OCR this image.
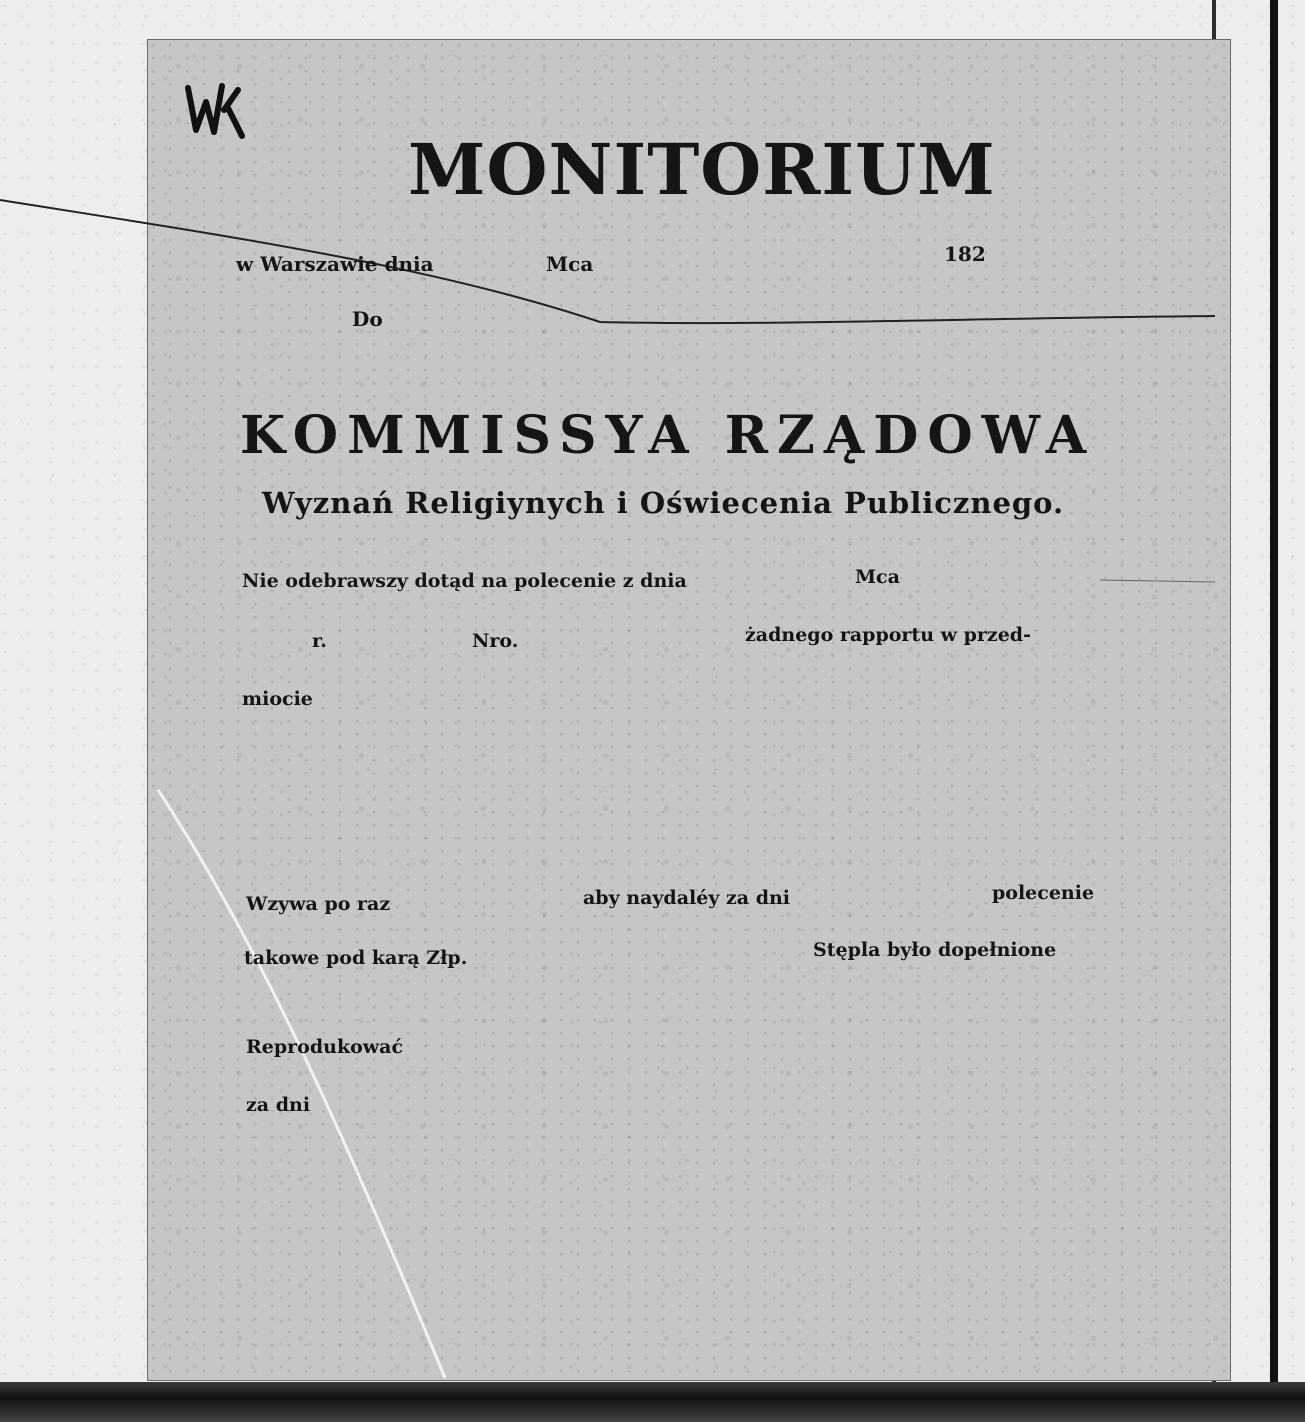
MONITORIUM
w Warszawie dnia	Mca	182
Do
KOMMISSYA RZĄDOWA
Wyznań Religiynych i Oświecenia Publicznego.
Nie odebrawszy dotąd na polecenie z dnia	Mca
r.	Nro.	żadnego rapportu w przed-
miocie
Wzywa po raz	aby naydaléy za dni	polecenie
takowe pod karą Złp.	Stępla było dopełnione
Reprodukować
za dni
